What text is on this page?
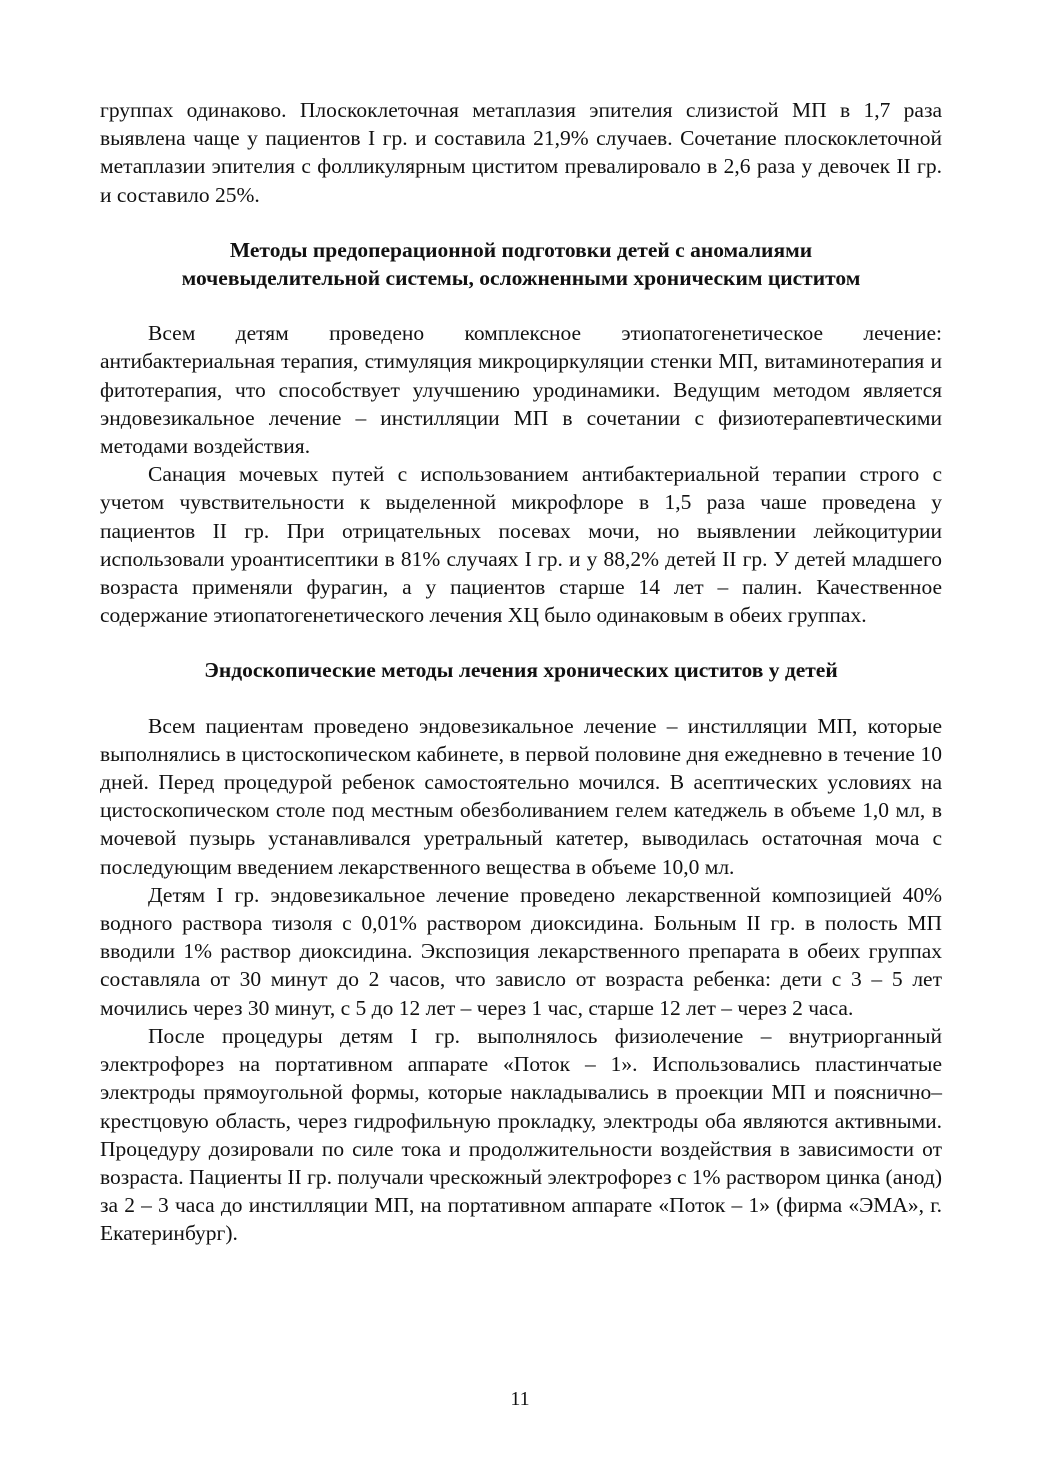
группах одинаково. Плоскоклеточная метаплазия эпителия слизистой МП в 1,7 раза выявлена чаще у пациентов I гр. и составила 21,9% случаев. Сочетание плоскоклеточной метаплазии эпителия с фолликулярным циститом превалировало в 2,6 раза у девочек II гр. и составило 25%.

Методы предоперационной подготовки детей с аномалиями
мочевыделительной системы, осложненными хроническим циститом

Всем детям проведено комплексное этиопатогенетическое лечение: антибактериальная терапия, стимуляция микроциркуляции стенки МП, витаминотерапия и фитотерапия, что способствует улучшению уродинамики. Ведущим методом является эндовезикальное лечение – инстилляции МП в сочетании с физиотерапевтическими методами воздействия.

Санация мочевых путей с использованием антибактериальной терапии строго с учетом чувствительности к выделенной микрофлоре в 1,5 раза чаше проведена у пациентов II гр. При отрицательных посевах мочи, но выявлении лейкоцитурии использовали уроантисептики в 81% случаях I гр. и у 88,2% детей II гр. У детей младшего возраста применяли фурагин, а у пациентов старше 14 лет – палин. Качественное содержание этиопатогенетического лечения ХЦ было одинаковым в обеих группах.

Эндоскопические методы лечения хронических циститов у детей

Всем пациентам проведено эндовезикальное лечение – инстилляции МП, которые выполнялись в цистоскопическом кабинете, в первой половине дня ежедневно в течение 10 дней. Перед процедурой ребенок самостоятельно мочился. В асептических условиях на цистоскопическом столе под местным обезболиванием гелем катеджель в объеме 1,0 мл, в мочевой пузырь устанавливался уретральный катетер, выводилась остаточная моча с последующим введением лекарственного вещества в объеме 10,0 мл.

Детям I гр. эндовезикальное лечение проведено лекарственной композицией 40% водного раствора тизоля с 0,01% раствором диоксидина. Больным II гр. в полость МП вводили 1% раствор диоксидина. Экспозиция лекарственного препарата в обеих группах составляла от 30 минут до 2 часов, что зависло от возраста ребенка: дети с 3 – 5 лет мочились через 30 минут, с 5 до 12 лет – через 1 час, старше 12 лет – через 2 часа.

После процедуры детям I гр. выполнялось физиолечение – внутриорганный электрофорез на портативном аппарате «Поток – 1». Использовались пластинчатые электроды прямоугольной формы, которые накладывались в проекции МП и пояснично–крестцовую область, через гидрофильную прокладку, электроды оба являются активными. Процедуру дозировали по силе тока и продолжительности воздействия в зависимости от возраста. Пациенты II гр. получали чрескожный электрофорез с 1% раствором цинка (анод) за 2 – 3 часа до инстилляции МП, на портативном аппарате «Поток – 1» (фирма «ЭМА», г. Екатеринбург).

11
